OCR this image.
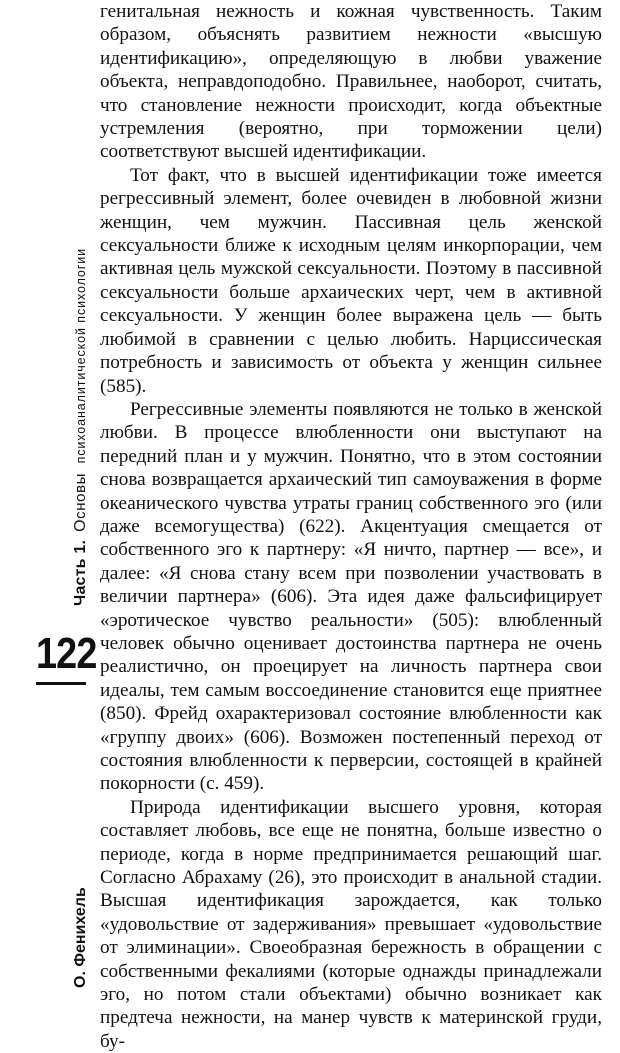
Часть 1.
Основы  психоаналитической психологии
О. Фенихель
122

генитальная нежность и кожная чувственность. Таким образом, объяснять развитием нежности «высшую идентификацию», определяющую в любви уважение объекта, неправдоподобно. Правильнее, наоборот, считать, что становление нежности происходит, когда объектные устремления (вероятно, при торможении цели) соответствуют высшей идентификации.

Тот факт, что в высшей идентификации тоже имеется регрессивный элемент, более очевиден в любовной жизни женщин, чем мужчин. Пассивная цель женской сексуальности ближе к исходным целям инкорпорации, чем активная цель мужской сексуальности. Поэтому в пассивной сексуальности больше архаических черт, чем в активной сексуальности. У женщин более выражена цель — быть любимой в сравнении с целью любить. Нарциссическая потребность и зависимость от объекта у женщин сильнее (585).

Регрессивные элементы появляются не только в женской любви. В процессе влюбленности они выступают на передний план и у мужчин. Понятно, что в этом состоянии снова возвращается архаический тип самоуважения в форме океанического чувства утраты границ собственного эго (или даже всемогущества) (622). Акцентуация смещается от собственного эго к партнеру: «Я ничто, партнер — все», и далее: «Я снова стану всем при позволении участвовать в величии партнера» (606). Эта идея даже фальсифицирует «эротическое чувство реальности» (505): влюбленный человек обычно оценивает достоинства партнера не очень реалистично, он проецирует на личность партнера свои идеалы, тем самым воссоединение становится еще приятнее (850). Фрейд охарактеризовал состояние влюбленности как «группу двоих» (606). Возможен постепенный переход от состояния влюбленности к перверсии, состоящей в крайней покорности (с. 459).

Природа идентификации высшего уровня, которая составляет любовь, все еще не понятна, больше известно о периоде, когда в норме предпринимается решающий шаг. Согласно Абрахаму (26), это происходит в анальной стадии. Высшая идентификация зарождается, как только «удовольствие от задерживания» превышает «удовольствие от элиминации». Своеобразная бережность в обращении с собственными фекалиями (которые однажды принадлежали эго, но потом стали объектами) обычно возникает как предтеча нежности, на манер чувств к материнской груди, бу-
